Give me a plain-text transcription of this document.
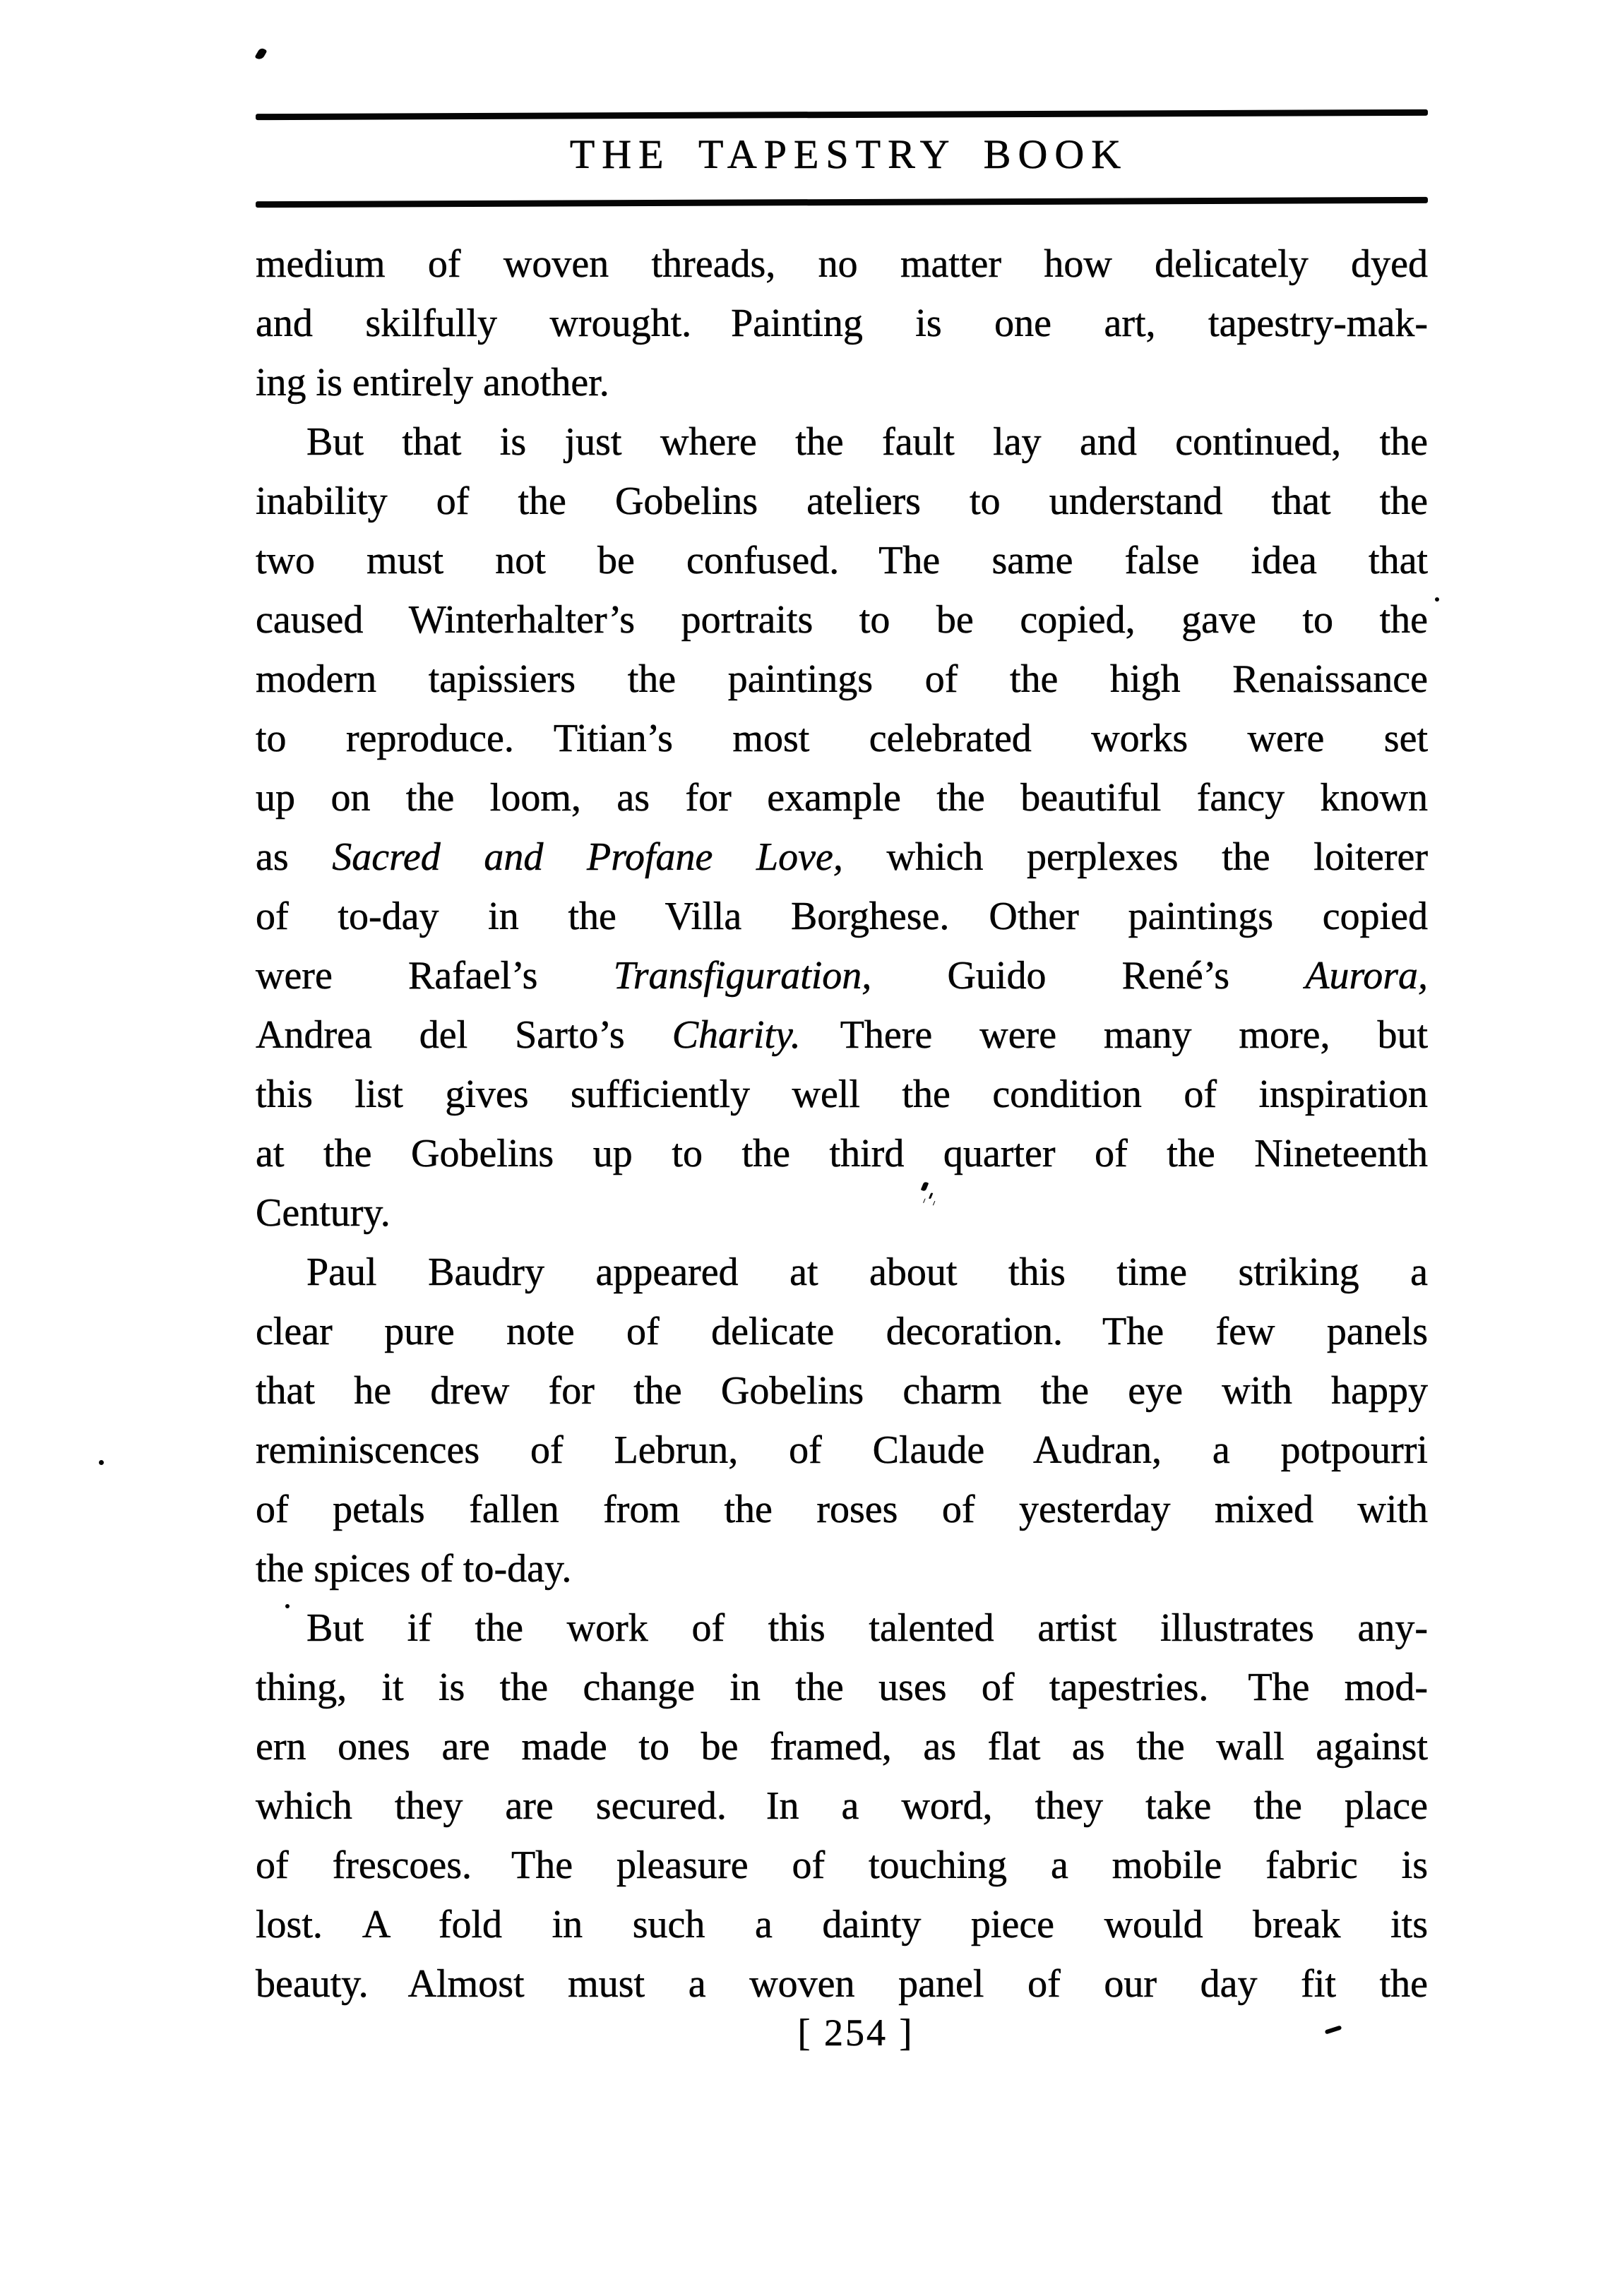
THE TAPESTRY BOOK
medium of woven threads, no matter how delicately dyed
and skilfully wrought. Painting is one art, tapestry-mak-
ing is entirely another.
But that is just where the fault lay and continued, the
inability of the Gobelins ateliers to understand that the
two must not be confused. The same false idea that
caused Winterhalter’s portraits to be copied, gave to the
modern tapissiers the paintings of the high Renaissance
to reproduce. Titian’s most celebrated works were set
up on the loom, as for example the beautiful fancy known
as Sacred and Profane Love, which perplexes the loiterer
of to-day in the Villa Borghese. Other paintings copied
were Rafael’s Transfiguration, Guido René’s Aurora,
Andrea del Sarto’s Charity. There were many more, but
this list gives sufficiently well the condition of inspiration
at the Gobelins up to the third quarter of the Nineteenth
Century.
Paul Baudry appeared at about this time striking a
clear pure note of delicate decoration. The few panels
that he drew for the Gobelins charm the eye with happy
reminiscences of Lebrun, of Claude Audran, a potpourri
of petals fallen from the roses of yesterday mixed with
the spices of to-day.
But if the work of this talented artist illustrates any-
thing, it is the change in the uses of tapestries. The mod-
ern ones are made to be framed, as flat as the wall against
which they are secured. In a word, they take the place
of frescoes. The pleasure of touching a mobile fabric is
lost. A fold in such a dainty piece would break its
beauty. Almost must a woven panel of our day fit the
[ 254 ]
